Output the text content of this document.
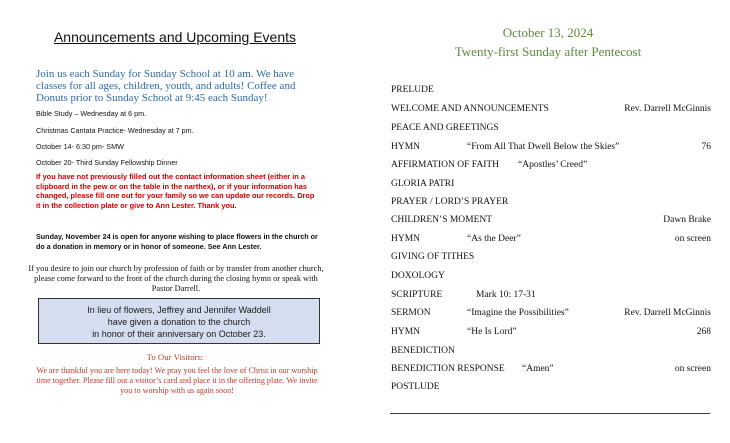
Announcements and Upcoming Events
Join us each Sunday for Sunday School at 10 am. We have classes for all ages, children, youth, and adults! Coffee and Donuts prior to Sunday School at 9:45 each Sunday!
Bible Study – Wednesday at 6 pm.
Christmas Cantata Practice- Wednesday at 7 pm.
October 14- 6:30 pm- SMW
October 20- Third Sunday Fellowship Dinner
If you have not previously filled out the contact information sheet (either in a clipboard in the pew or on the table in the narthex), or if your information has changed, please fill one out for your family so we can update our records. Drop it in the collection plate or give to Ann Lester. Thank you.
Sunday, November 24 is open for anyone wishing to place flowers in the church or do a donation in memory or in honor of someone. See Ann Lester.
If you desire to join our church by profession of faith or by transfer from another church, please come forward to the front of the church during the closing hymn or speak with Pastor Darrell.
In lieu of flowers, Jeffrey and Jennifer Waddell
have given a donation to the church
in honor of their anniversary on October 23.
To Our Visitors:
We are thankful you are here today! We pray you feel the love of Christ in our worship time together. Please fill out a visitor’s card and place it in the offering plate. We invite you to worship with us again soon!
October 13, 2024
Twenty-first Sunday after Pentecost
PRELUDE
WELCOME AND ANNOUNCEMENTS	Rev. Darrell McGinnis
PEACE AND GREETINGS
HYMN	“From All That Dwell Below the Skies”	76
AFFIRMATION OF FAITH “Apostles’ Creed”
GLORIA PATRI
PRAYER / LORD’S PRAYER
CHILDREN’S MOMENT	Dawn Brake
HYMN	“As the Deer”	on screen
GIVING OF TITHES
DOXOLOGY
SCRIPTURE	Mark 10: 17-31
SERMON	“Imagine the Possibilities”	Rev. Darrell McGinnis
HYMN	“He Is Lord”	268
BENEDICTION
BENEDICTION RESPONSE “Amen”	on screen
POSTLUDE
